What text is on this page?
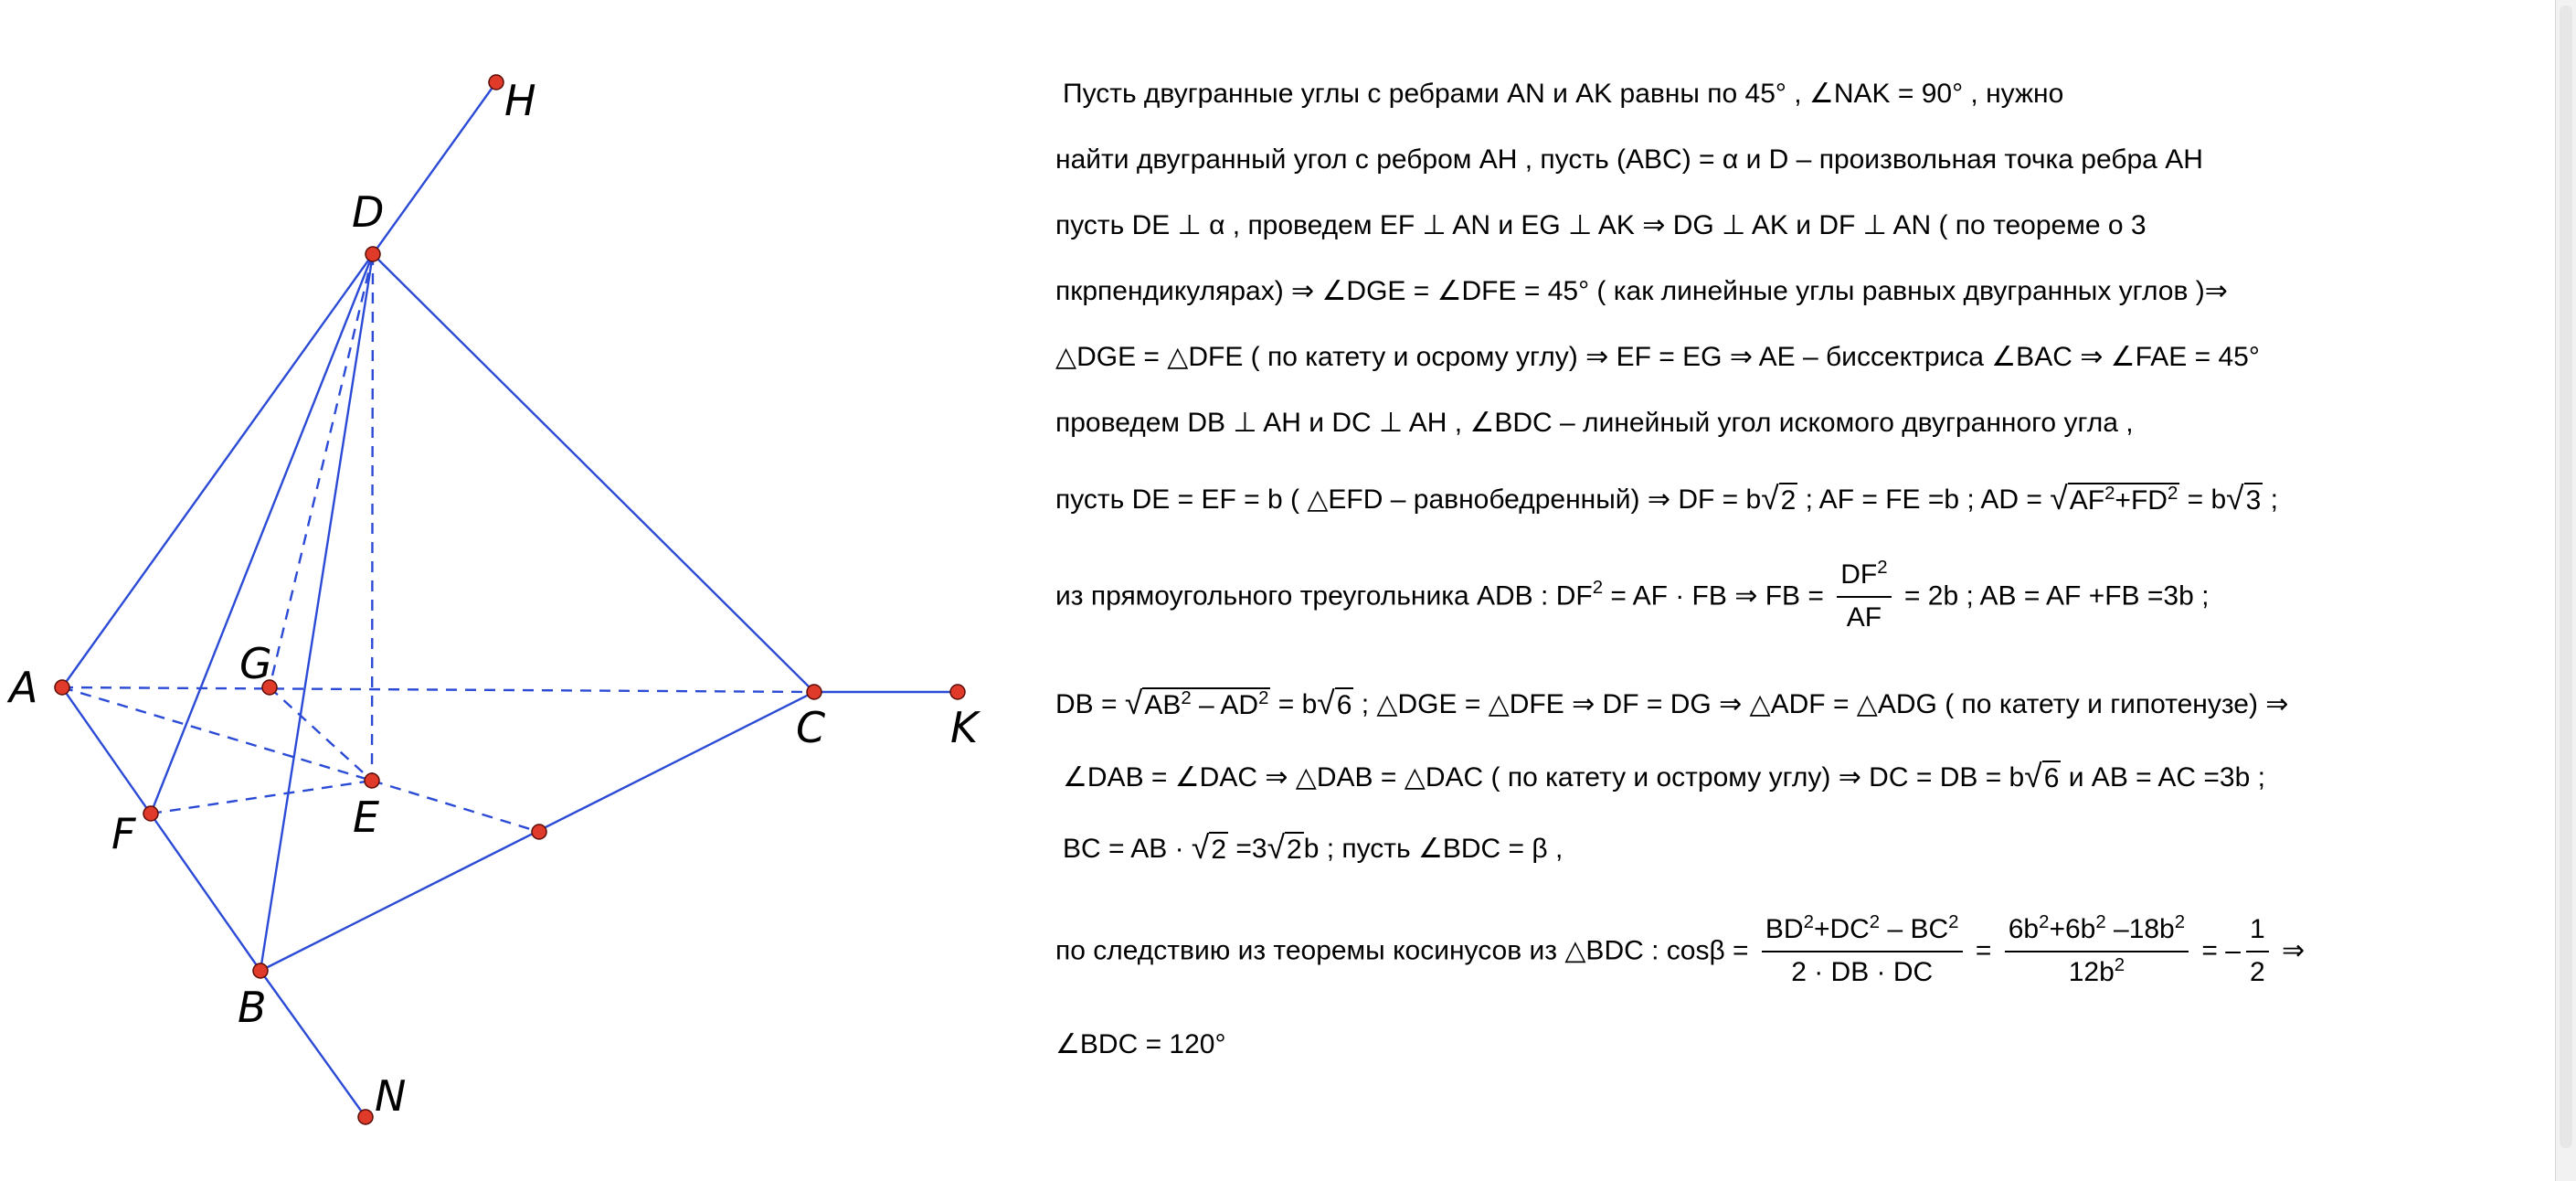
H
D
A	G
C	K
E
F
B
N
Пусть двугранные углы с ребрами AN и AK равны по 45° , ∠NAK = 90° , нужно
найти двугранный угол с ребром AH , пусть (ABC) = α и D – произвольная точка ребра AH
пусть DE ⊥ α , проведем EF ⊥ AN и EG ⊥ AK ⇒ DG ⊥ AK и DF ⊥ AN ( по теореме о 3
пкрпендикулярах) ⇒ ∠DGE = ∠DFE = 45° ( как линейные углы равных двугранных углов )⇒
△DGE = △DFE ( по катету и осрому углу) ⇒ EF = EG ⇒ AE – биссектриса ∠BAC ⇒ ∠FAE = 45°
проведем DB ⊥ AH и DC ⊥ AH , ∠BDC – линейный угол искомого двугранного угла ,
пусть DE = EF = b ( △EFD – равнобедренный) ⇒ DF = b √ 2 ; AF = FE =b ; AD = √ $AF^2+FD^2 = b$ √ 3 ;
из прямоугольного треугольника ADB : $DF^2$ = AF · FB ⇒ FB = $\frac{DF^2}{AF} = 2b$ ; AB = AF +FB =3b ;
DB = √ $AB^2 - AD^2 = b$ √ 6 ; △DGE = △DFE ⇒ DF = DG ⇒ △ADF = △ADG ( по катету и гипотенузе) ⇒
∠DAB = ∠DAC ⇒ △DAB = △DAC ( по катету и острому углу) ⇒ DC = DB = b √ 6 и AB = AC =3b ;
BC = AB · √ 2 =3 √ 2 b ; пусть ∠BDC = β ,
по следствию из теоремы косинусов из △BDC : $\cos\beta = \frac{BD^2+DC^2 - BC^2}{2 \cdot DB \cdot DC} = \frac{6b^2+6b^2 -18b^2}{12b^2}$ = – $\frac{1}{2}$ ⇒
∠BDC = 120°
